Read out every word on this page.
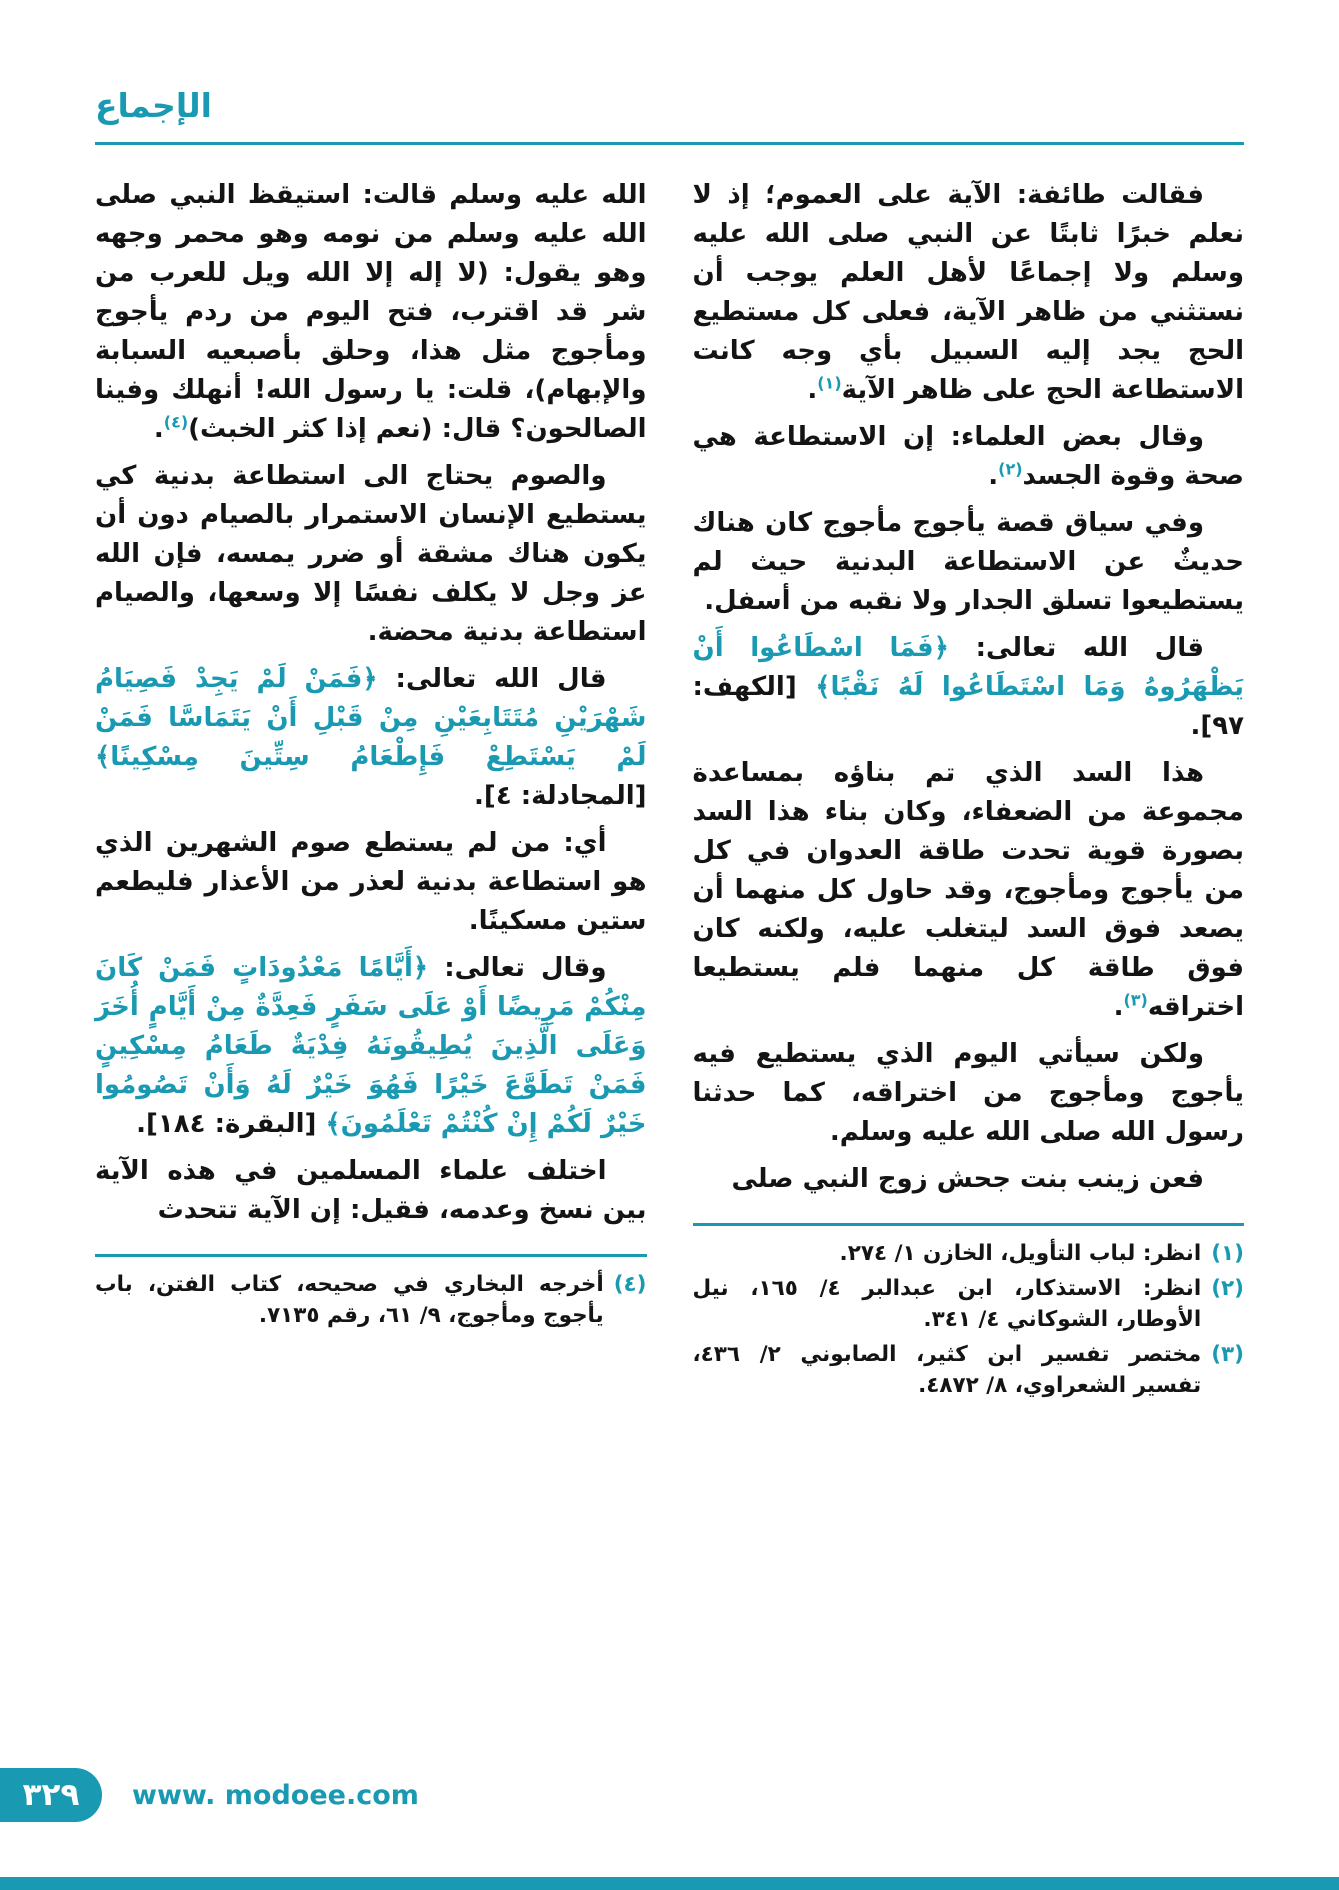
الإجماع

فقالت طائفة: الآية على العموم؛ إذ لا نعلم خبرًا ثابتًا عن النبي صلى الله عليه وسلم ولا إجماعًا لأهل العلم يوجب أن نستثني من ظاهر الآية، فعلى كل مستطيع الحج يجد إليه السبيل بأي وجه كانت الاستطاعة الحج على ظاهر الآية$^{(١)}$.

وقال بعض العلماء: إن الاستطاعة هي صحة وقوة الجسد$^{(٢)}$.

وفي سياق قصة يأجوج مأجوج كان هناك حديثٌ عن الاستطاعة البدنية حيث لم يستطيعوا تسلق الجدار ولا نقبه من أسفل.

قال الله تعالى: ﴿فَمَا اسْطَاعُوا أَنْ يَظْهَرُوهُ وَمَا اسْتَطَاعُوا لَهُ نَقْبًا﴾ [الكهف: ٩٧].

هذا السد الذي تم بناؤه بمساعدة مجموعة من الضعفاء، وكان بناء هذا السد بصورة قوية تحدت طاقة العدوان في كل من يأجوج ومأجوج، وقد حاول كل منهما أن يصعد فوق السد ليتغلب عليه، ولكنه كان فوق طاقة كل منهما فلم يستطيعا اختراقه$^{(٣)}$.

ولكن سيأتي اليوم الذي يستطيع فيه يأجوج ومأجوج من اختراقه، كما حدثنا رسول الله صلى الله عليه وسلم.

فعن زينب بنت جحش زوج النبي صلى

(١)
انظر: لباب التأويل، الخازن ١/ ٢٧٤.
(٢)
انظر: الاستذكار، ابن عبدالبر ٤/ ١٦٥، نيل الأوطار، الشوكاني ٤/ ٣٤١.
(٣)
مختصر تفسير ابن كثير، الصابوني ٢/ ٤٣٦، تفسير الشعراوي، ٨/ ٤٨٧٢.

الله عليه وسلم قالت: استيقظ النبي صلى الله عليه وسلم من نومه وهو محمر وجهه وهو يقول: (لا إله إلا الله ويل للعرب من شر قد اقترب، فتح اليوم من ردم يأجوج ومأجوج مثل هذا، وحلق بأصبعيه السبابة والإبهام)، قلت: يا رسول الله! أنهلك وفينا الصالحون؟ قال: (نعم إذا كثر الخبث)$^{(٤)}$.

والصوم يحتاج الى استطاعة بدنية كي يستطيع الإنسان الاستمرار بالصيام دون أن يكون هناك مشقة أو ضرر يمسه، فإن الله عز وجل لا يكلف نفسًا إلا وسعها، والصيام استطاعة بدنية محضة.

قال الله تعالى: ﴿فَمَنْ لَمْ يَجِدْ فَصِيَامُ شَهْرَيْنِ مُتَتَابِعَيْنِ مِنْ قَبْلِ أَنْ يَتَمَاسَّا فَمَنْ لَمْ يَسْتَطِعْ فَإِطْعَامُ سِتِّينَ مِسْكِينًا﴾ [المجادلة: ٤].

أي: من لم يستطع صوم الشهرين الذي هو استطاعة بدنية لعذر من الأعذار فليطعم ستين مسكينًا.

وقال تعالى: ﴿أَيَّامًا مَعْدُودَاتٍ فَمَنْ كَانَ مِنْكُمْ مَرِيضًا أَوْ عَلَى سَفَرٍ فَعِدَّةٌ مِنْ أَيَّامٍ أُخَرَ وَعَلَى الَّذِينَ يُطِيقُونَهُ فِدْيَةٌ طَعَامُ مِسْكِينٍ فَمَنْ تَطَوَّعَ خَيْرًا فَهُوَ خَيْرٌ لَهُ وَأَنْ تَصُومُوا خَيْرٌ لَكُمْ إِنْ كُنْتُمْ تَعْلَمُونَ﴾ [البقرة: ١٨٤].

اختلف علماء المسلمين في هذه الآية بين نسخ وعدمه، فقيل: إن الآية تتحدث

(٤)
أخرجه البخاري في صحيحه، كتاب الفتن، باب يأجوج ومأجوج، ٩/ ٦١، رقم ٧١٣٥.
٣٢٩	www. modoee.com
